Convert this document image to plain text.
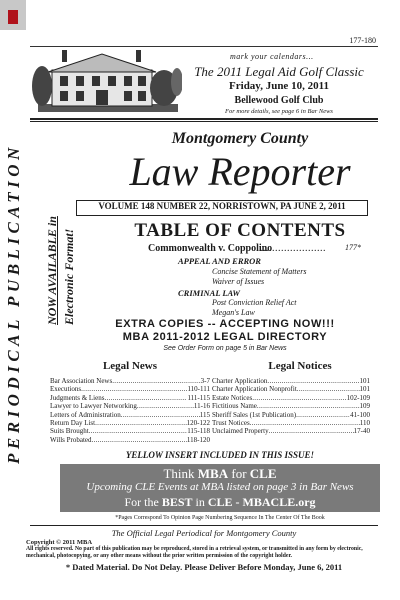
177-180
mark your calendars...
The 2011 Legal Aid Golf Classic
Friday, June 10, 2011
Bellewood Golf Club
For more details, see page 6 in Bar News
PERIODICAL PUBLICATION NOW AVAILABLE in Electronic Format!
Montgomery County
Law Reporter
VOLUME 148 NUMBER 22, NORRISTOWN, PA JUNE 2, 2011
TABLE OF CONTENTS
Commonwealth v. Coppolino
...................... 177*
APPEAL AND ERROR
Concise Statement of Matters
Waiver of Issues
CRIMINAL LAW
Post Conviction Relief Act
Megan's Law
EXTRA COPIES -- ACCEPTING NOW!!!
MBA 2011-2012 LEGAL DIRECTORY
See Order Form on page 5 in Bar News
Legal News	Legal Notices
Bar Association News .....	3-7
Executions .....	110-111
Judgments & Liens .....	111-115
Lawyer to Lawyer Networking .....	11-16
Letters of Administration .....	115
Return Day List .....	120-122
Suits Brought .....	115-118
Wills Probated .....	118-120
Charter Application .....	101
Charter Application Nonprofit .....	101
Estate Notices .....	102-109
Fictitious Name .....	109
Sheriff Sales (1st Publication) .....	41-100
Trust Notices .....	110
Unclaimed Property .....	17-40
YELLOW INSERT INCLUDED IN THIS ISSUE!
Think MBA for CLE
Upcoming CLE Events at MBA listed on page 3 in Bar News
For the BEST in CLE - MBACLE.org
*Pages Correspond To Opinion Page Numbering Sequence In The Center Of The Book
The Official Legal Periodical for Montgomery County
Copyright © 2011 MBA
All rights reserved. No part of this publication may be reproduced, stored in a retrieval system, or transmitted in any form by electronic, mechanical, photocopying, or any other means without the prior written permission of the copyright holder.
* Dated Material. Do Not Delay. Please Deliver Before Monday, June 6, 2011
